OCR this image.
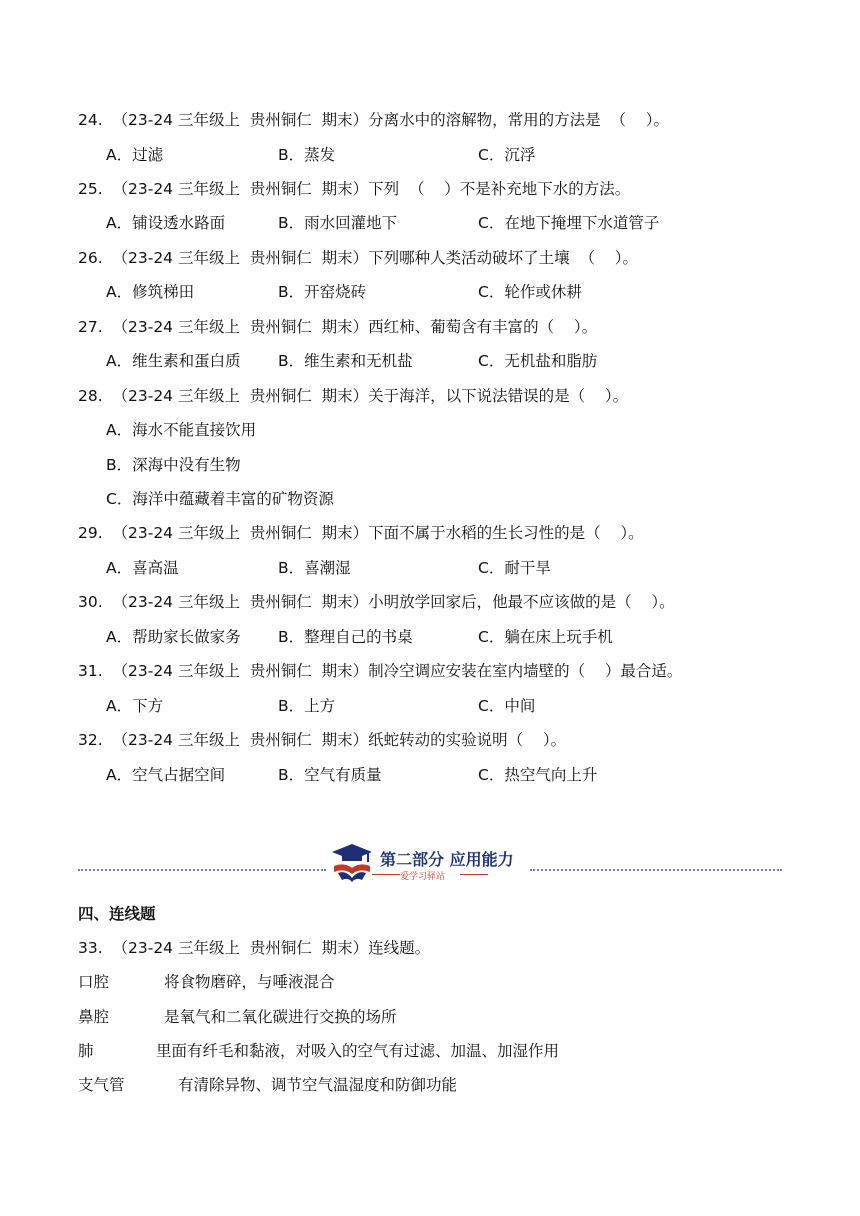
24.  （23-24 三年级上  贵州铜仁  期末）分离水中的溶解物，常用的方法是  （    ）。
A．过滤	B．蒸发	C．沉浮
25.  （23-24 三年级上  贵州铜仁  期末）下列  （    ）不是补充地下水的方法。
A．铺设透水路面	B．雨水回灌地下	C．在地下掩埋下水道管子
26.  （23-24 三年级上  贵州铜仁  期末）下列哪种人类活动破坏了土壤  （    ）。
A．修筑梯田	B．开窑烧砖	C．轮作或休耕
27.  （23-24 三年级上  贵州铜仁  期末）西红柿、葡萄含有丰富的（    ）。
A．维生素和蛋白质 B．维生素和无机盐	C．无机盐和脂肪
28.  （23-24 三年级上  贵州铜仁  期末）关于海洋，以下说法错误的是（    ）。
A．海水不能直接饮用
B．深海中没有生物
C．海洋中蕴藏着丰富的矿物资源
29.  （23-24 三年级上  贵州铜仁  期末）下面不属于水稻的生长习性的是（    ）。
A．喜高温	B．喜潮湿	C．耐干旱
30.  （23-24 三年级上  贵州铜仁  期末）小明放学回家后，他最不应该做的是（    ）。
A．帮助家长做家务 B．整理自己的书桌	C．躺在床上玩手机
31.  （23-24 三年级上  贵州铜仁  期末）制冷空调应安装在室内墙壁的（    ）最合适。
A．下方	B．上方	C．中间
32.  （23-24 三年级上  贵州铜仁  期末）纸蛇转动的实验说明（    ）。
A．空气占据空间	B．空气有质量	C．热空气向上升
第二部分 应用能力
爱学习驿站
四、连线题
33.  （23-24 三年级上  贵州铜仁  期末）连线题。
口腔	将食物磨碎，与唾液混合
鼻腔	是氧气和二氧化碳进行交换的场所
肺	里面有纤毛和黏液，对吸入的空气有过滤、加温、加湿作用
支气管	有清除异物、调节空气温湿度和防御功能
